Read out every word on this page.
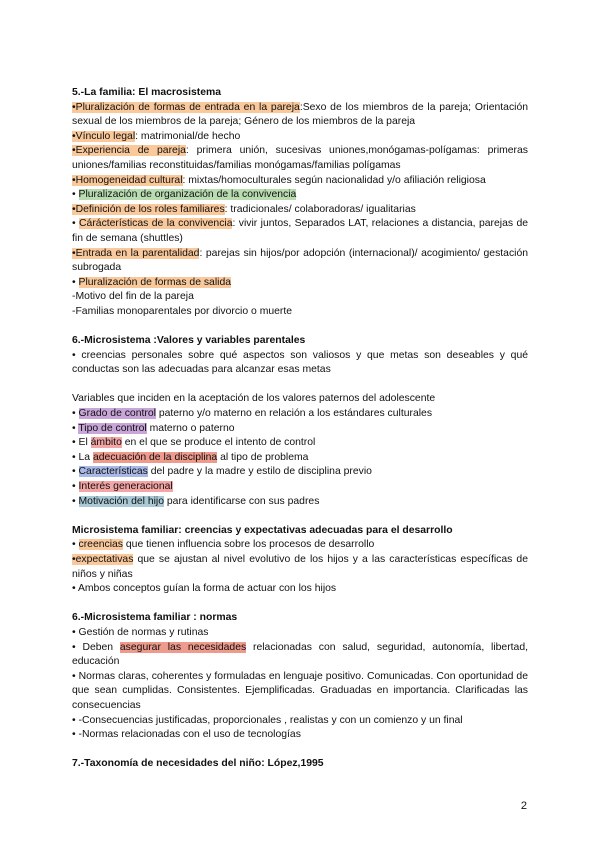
5.-La familia: El macrosistema

•Pluralización de formas de entrada en la pareja:Sexo de los miembros de la pareja; Orientación sexual de los miembros de la pareja; Género de los miembros de la pareja

•Vínculo legal: matrimonial/de hecho

•Experiencia de pareja: primera unión, sucesivas uniones,monógamas-polígamas: primeras uniones/familias reconstituidas/familias monógamas/familias polígamas

•Homogeneidad cultural: mixtas/homoculturales según nacionalidad y/o afiliación religiosa

• Pluralización de organización de la convivencia

•Definición de los roles familiares: tradicionales/ colaboradoras/ igualitarias

• Cárácterísticas de la convivencia: vivir juntos, Separados LAT, relaciones a distancia, parejas de fin de semana (shuttles)

•Entrada en la parentalidad: parejas sin hijos/por adopción (internacional)/ acogimiento/ gestación subrogada

• Pluralización de formas de salida

-Motivo del fin de la pareja

-Familias monoparentales por divorcio o muerte

6.-Microsistema :Valores y variables parentales

• creencias personales sobre qué aspectos son valiosos y que metas son deseables y qué conductas son las adecuadas para alcanzar esas metas

Variables que inciden en la aceptación de los valores paternos del adolescente

• Grado de control paterno y/o materno en relación a los estándares culturales

• Tipo de control materno o paterno

• El ámbito en el que se produce el intento de control

• La adecuación de la disciplina al tipo de problema

• Características del padre y la madre y estilo de disciplina previo

• Interés generacional

• Motivación del hijo para identificarse con sus padres

Microsistema familiar: creencias y expectativas adecuadas para el desarrollo

• creencias que tienen influencia sobre los procesos de desarrollo

•expectativas que se ajustan al nivel evolutivo de los hijos y a las características específicas de niños y niñas

• Ambos conceptos guían la forma de actuar con los hijos

6.-Microsistema familiar : normas

• Gestión de normas y rutinas

• Deben asegurar las necesidades relacionadas con salud, seguridad, autonomía, libertad, educación

• Normas claras, coherentes y formuladas en lenguaje positivo. Comunicadas. Con oportunidad de que sean cumplidas. Consistentes. Ejemplificadas. Graduadas en importancia. Clarificadas las consecuencias

• -Consecuencias justificadas, proporcionales , realistas y con un comienzo y un final

• -Normas relacionadas con el uso de tecnologías

7.-Taxonomía de necesidades del niño: López,1995

2
